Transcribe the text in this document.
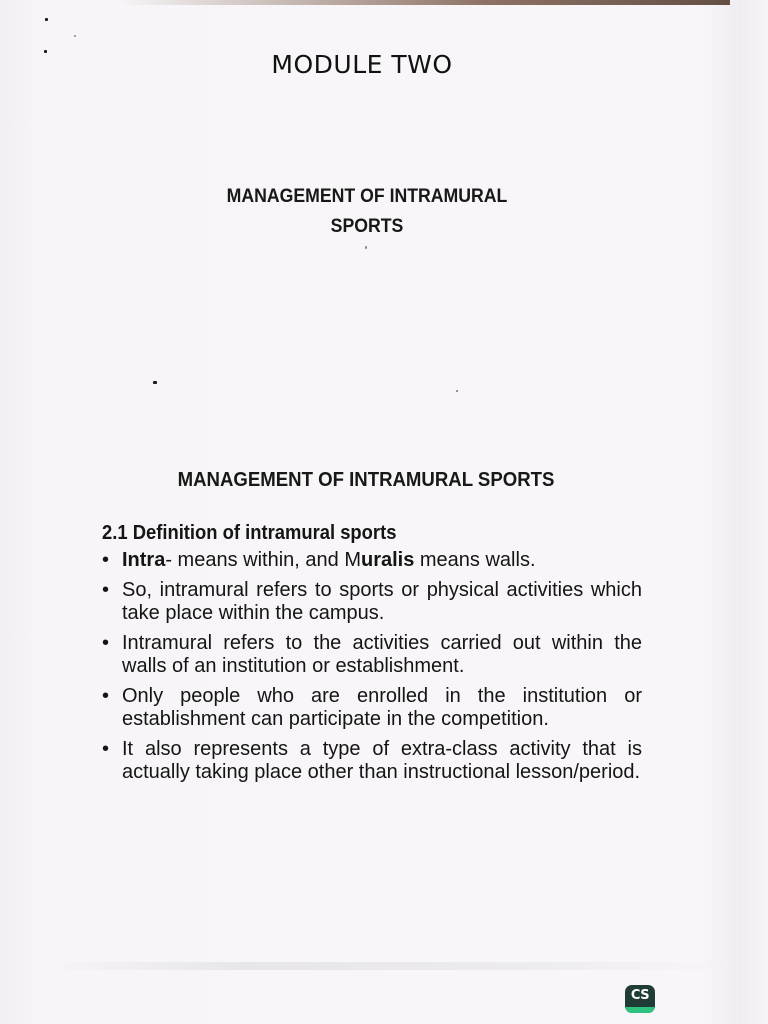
MODULE TWO
MANAGEMENT OF INTRAMURAL
SPORTS
MANAGEMENT OF INTRAMURAL SPORTS
2.1 Definition of intramural sports
• Intra- means within, and Muralis means walls.
• So, intramural refers to sports or physical activities which take place within the campus.
• Intramural refers to the activities carried out within the walls of an institution or establishment.
• Only people who are enrolled in the institution or establishment can participate in the competition.
• It also represents a type of extra-class activity that is actually taking place other than instructional lesson/period.
CS
